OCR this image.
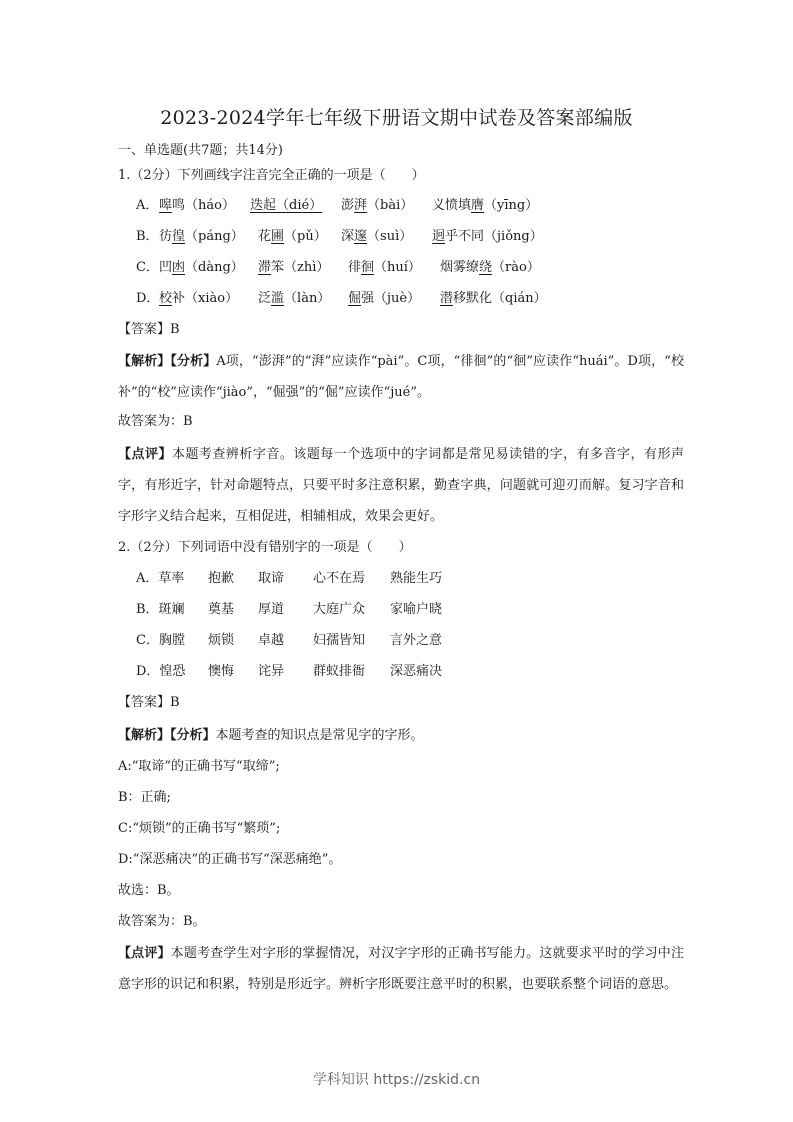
2023-2024学年七年级下册语文期中试卷及答案部编版
一、单选题(共7题；共14分)
1.（2分）下列画线字注音完全正确的一项是（　　）
A． 嗥鸣（háo） 迭起（dié） 澎湃（bài） 义愤填膺（yīng）
B． 彷徨（páng） 花圃（pǔ） 深邃（suì） 迥乎不同（jiǒng）
C． 凹凼（dàng） 滞笨（zhì） 徘徊（huí） 烟雾缭绕（rào）
D． 校补（xiào） 泛滥（làn） 倔强（juè） 潜移默化（qián）
【答案】B
【解析】【分析】A项，“澎湃”的“湃”应读作“pài”。C项，“徘徊”的“徊”应读作“huái”。D项，“校补”的“校”应读作“jiào”，“倔强”的“倔”应读作“jué”。
故答案为：B
【点评】本题考查辨析字音。该题每一个选项中的字词都是常见易读错的字，有多音字，有形声字，有形近字，针对命题特点，只要平时多注意积累，勤查字典，问题就可迎刃而解。复习字音和字形字义结合起来，互相促进，相辅相成，效果会更好。
2.（2分）下列词语中没有错别字的一项是（　　）
A．草率 抱歉 取谛 心不在焉 熟能生巧
B．斑斓 奠基 厚道 大庭广众 家喻户晓
C．胸膛 烦锁 卓越 妇孺皆知 言外之意
D．惶恐 懊悔 诧异 群蚁排衙 深恶痛决
【答案】B
【解析】【分析】本题考查的知识点是常见字的字形。
A:“取谛”的正确书写“取缔”;
B：正确;
C:“烦锁”的正确书写“繁琐”;
D:“深恶痛决”的正确书写“深恶痛绝”。
故选：B。
故答案为：B。
【点评】本题考查学生对字形的掌握情况，对汉字字形的正确书写能力。这就要求平时的学习中注意字形的识记和积累，特别是形近字。辨析字形既要注意平时的积累，也要联系整个词语的意思。
学科知识 https://zskid.cn
